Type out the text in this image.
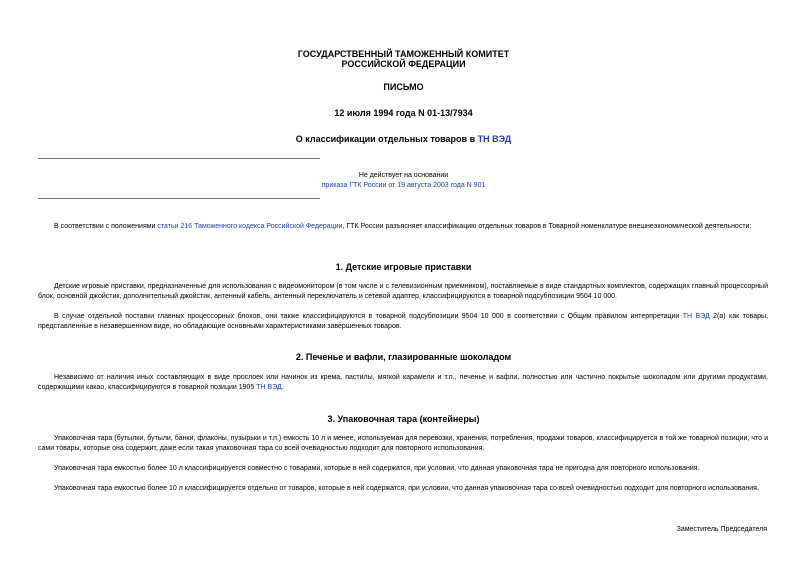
ГОСУДАРСТВЕННЫЙ ТАМОЖЕННЫЙ КОМИТЕТ
РОССИЙСКОЙ ФЕДЕРАЦИИ
ПИСЬМО
12 июля 1994 года N 01-13/7934
О классификации отдельных товаров в ТН ВЭД
Не действует на основании
приказа ГТК России от 19 августа 2003 года N 901
В соответствии с положениями статьи 216 Таможенного кодекса Российской Федерации, ГТК России разъясняет классификацию отдельных товаров в Товарной номенклатуре внешнеэкономической деятельности:
1. Детские игровые приставки
Детские игровые приставки, предназначенные для использования с видеомонитором (в том числе и с телевизионным приемником), поставляемые в виде стандартных комплектов, содержащих главный процессорный блок, основной джойстик, дополнительный джойстик, антенный кабель, антенный переключатель и сетевой адаптер, классифицируются в товарной подсубпозиции 9504 10 000.
В случае отдельной поставки главных процессорных блоков, они также классифицируются в товарной подсубпозиции 9504 10 000 в соответствии с Общим правилом интерпретации ТН ВЭД 2(а) как товары, представленные в незавершенном виде, но обладающие основными характеристиками завершенных товаров.
2. Печенье и вафли, глазированные шоколадом
Независимо от наличия иных составляющих в виде прослоек или начинок из крема, пастилы, мягкой карамели и т.п., печенье и вафли, полностью или частично покрытые шоколадом или другими продуктами, содержащими какао, классифицируются в товарной позиции 1905 ТН ВЭД.
3. Упаковочная тара (контейнеры)
Упаковочная тара (бутылки, бутыли, банки, флаконы, пузырьки и т.п.) емкость 10 л и менее, используемая для перевозки, хранения, потребления, продажи товаров, классифицируется в той же товарной позиции, что и сами товары, которые она содержит, даже если такая упаковочная тара со всей очевидностью подходит для повторного использования.
Упаковочная тара емкостью более 10 л классифицируется совместно с товарами, которые в ней содержатся, при условии, что данная упаковочная тара не пригодна для повторного использования.
Упаковочная тара емкостью более 10 л классифицируется отдельно от товаров, которые в ней содержатся, при условии, что данная упаковочная тара со всей очевидностью подходит для повторного использования.
Заместитель Председателя
